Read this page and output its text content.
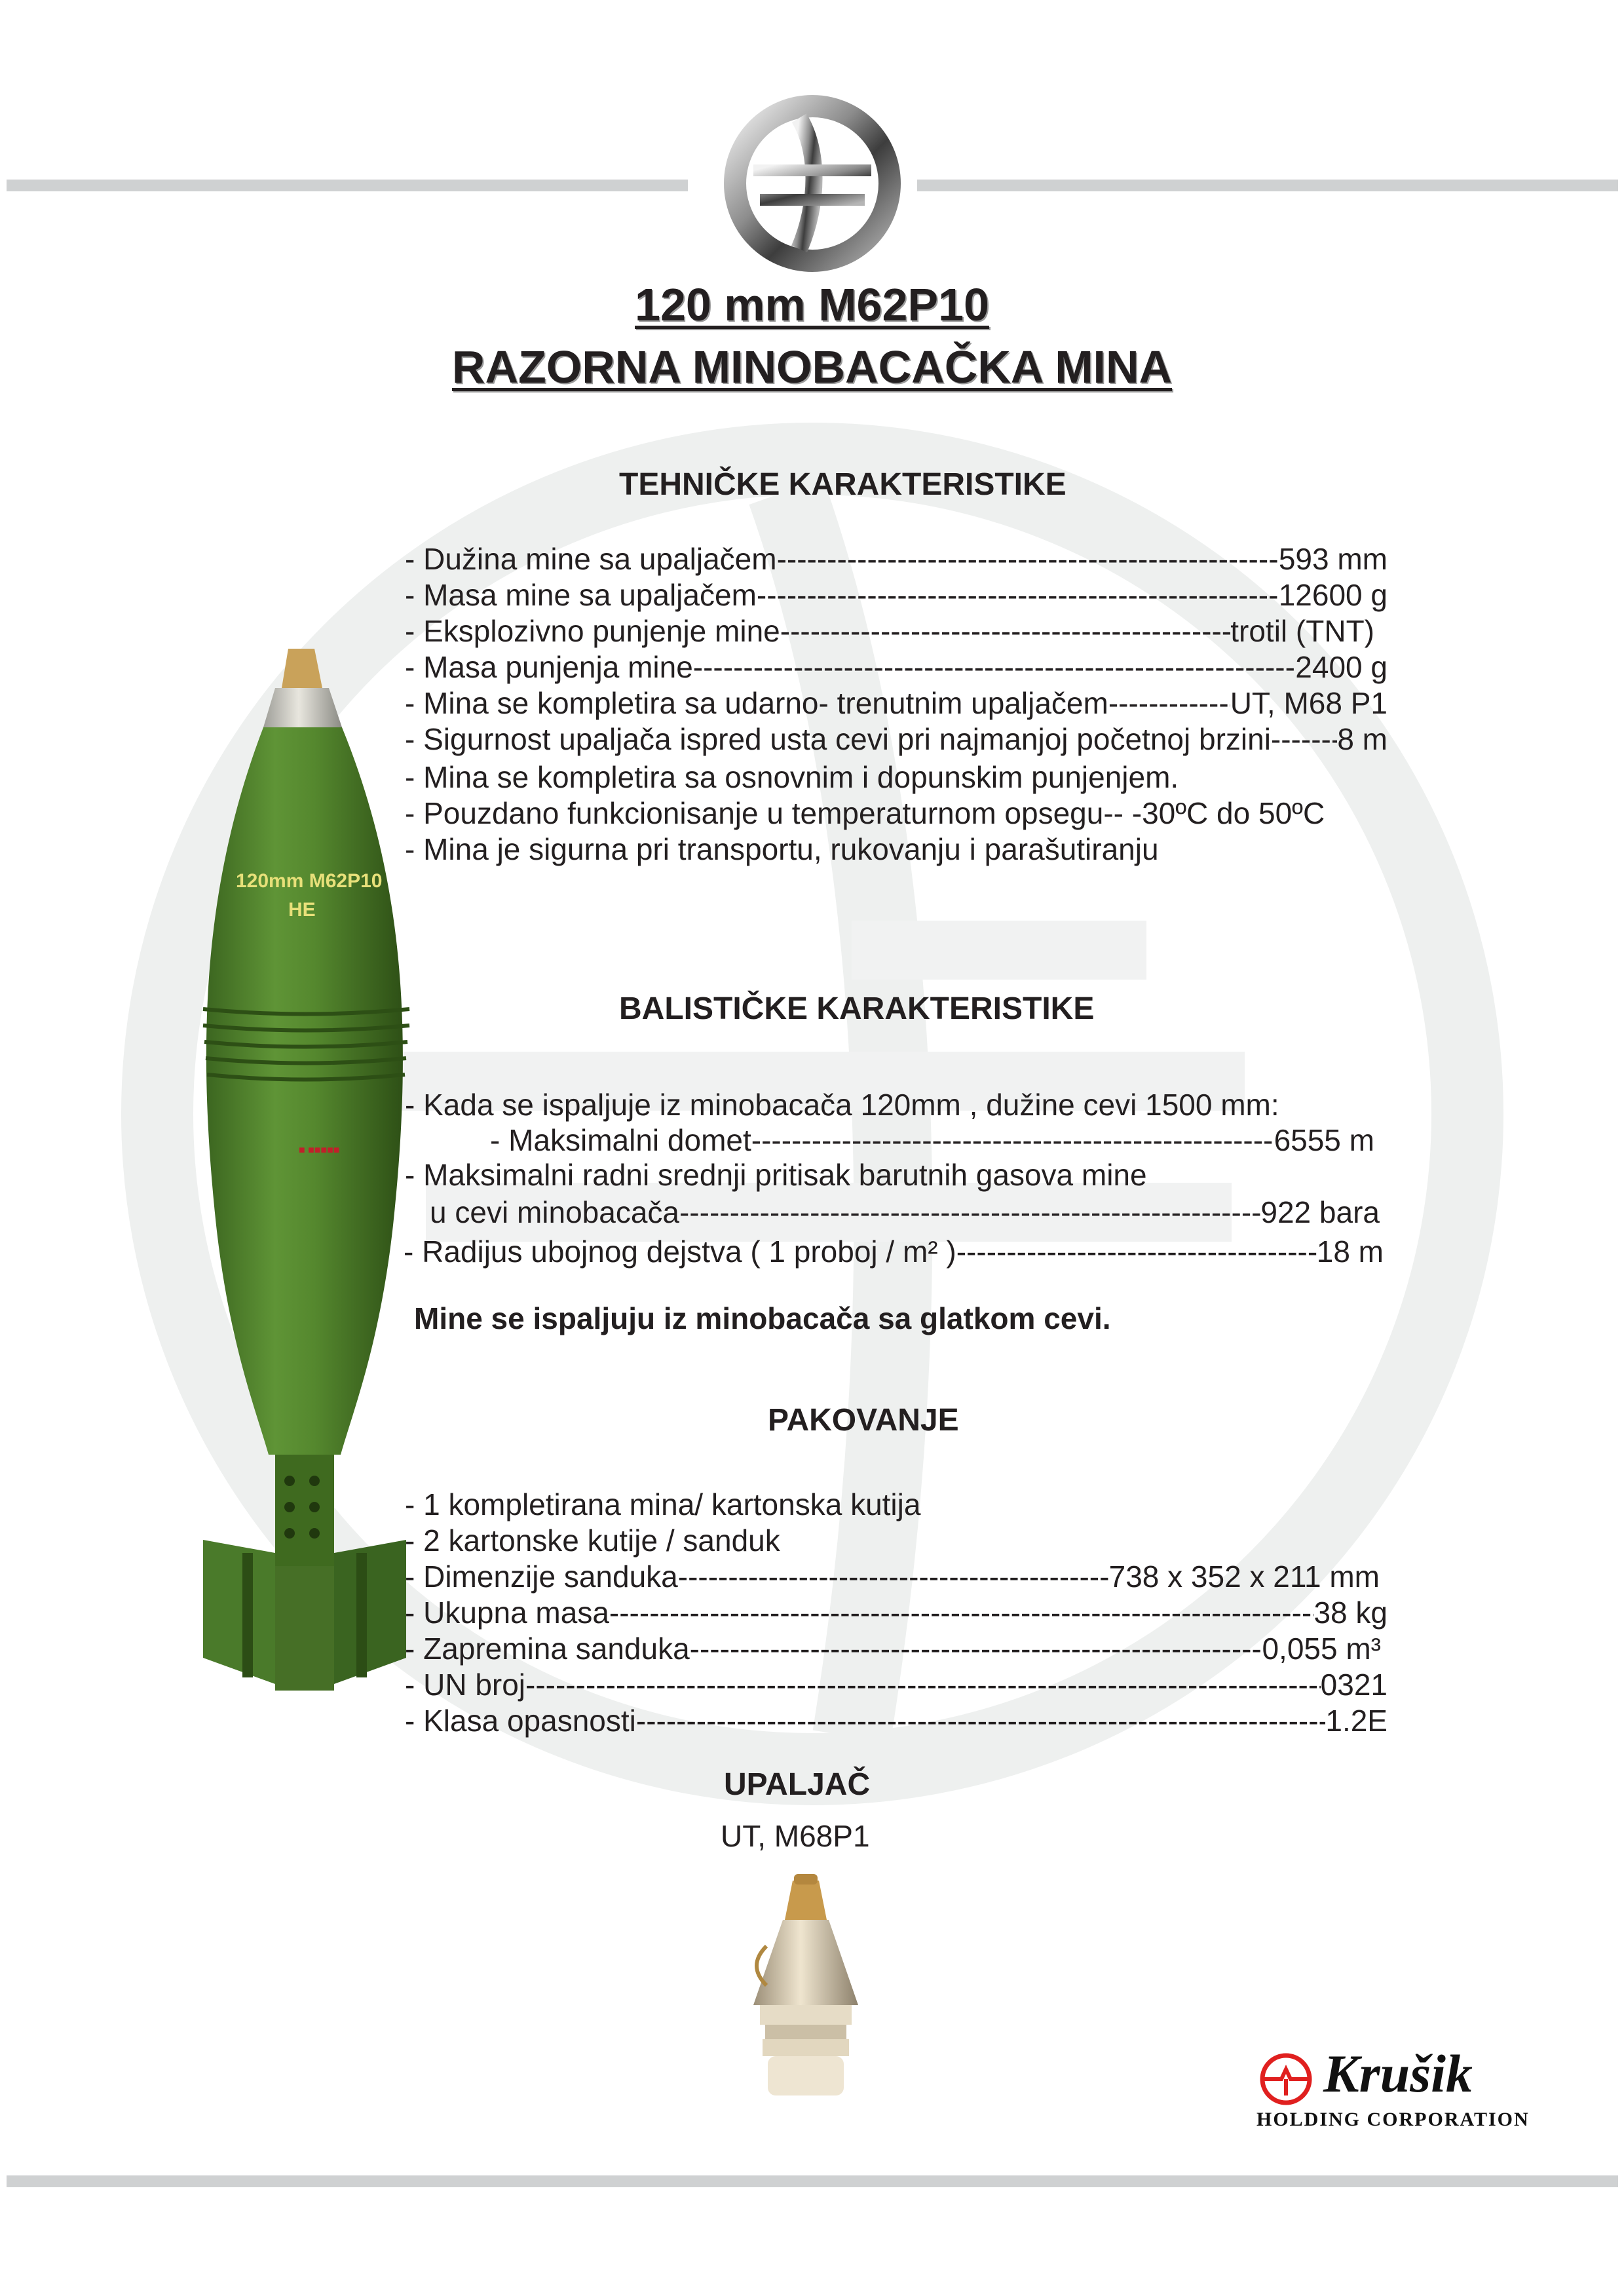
120 mm M62P10
RAZORNA MINOBACAČKA MINA
■ ■■■■■
120mm M62P10
HE
TEHNIČKE KARAKTERISTIKE
- Dužina mine sa upaljačem -----	593 mm
- Masa mine sa upaljačem -----	12600 g
- Eksplozivno punjenje mine -----	trotil (TNT)
- Masa punjenja mine -----	2400 g
- Mina se kompletira sa udarno- trenutnim upaljačem -----	UT, M68 P1
- Sigurnost upaljača ispred usta cevi pri najmanjoj početnoj brzini ----- 8 m
- Mina se kompletira sa osnovnim i dopunskim punjenjem.
- Pouzdano funkcionisanje u temperaturnom opsegu-- -30ºC do 50ºC
- Mina je sigurna pri transportu, rukovanju i parašutiranju
BALISTIČKE KARAKTERISTIKE
- Kada se ispaljuje iz minobacača 120mm , dužine cevi 1500 mm:
- Maksimalni domet -----	6555 m
- Maksimalni radni srednji pritisak barutnih gasova mine
u cevi minobacača -----	922 bara
- Radijus ubojnog dejstva ( 1 proboj / m² ) -----	18 m
Mine se ispaljuju iz minobacača sa glatkom cevi.
PAKOVANJE
- 1 kompletirana mina/ kartonska kutija
- 2 kartonske kutije / sanduk
- Dimenzije sanduka -----	738 x 352 x 211 mm
- Ukupna masa -----	38 kg
- Zapremina sanduka -----	0,055 m³
- UN broj -----	0321
- Klasa opasnosti -----	1.2E
UPALJAČ
UT, M68P1
Krušik
HOLDING CORPORATION
